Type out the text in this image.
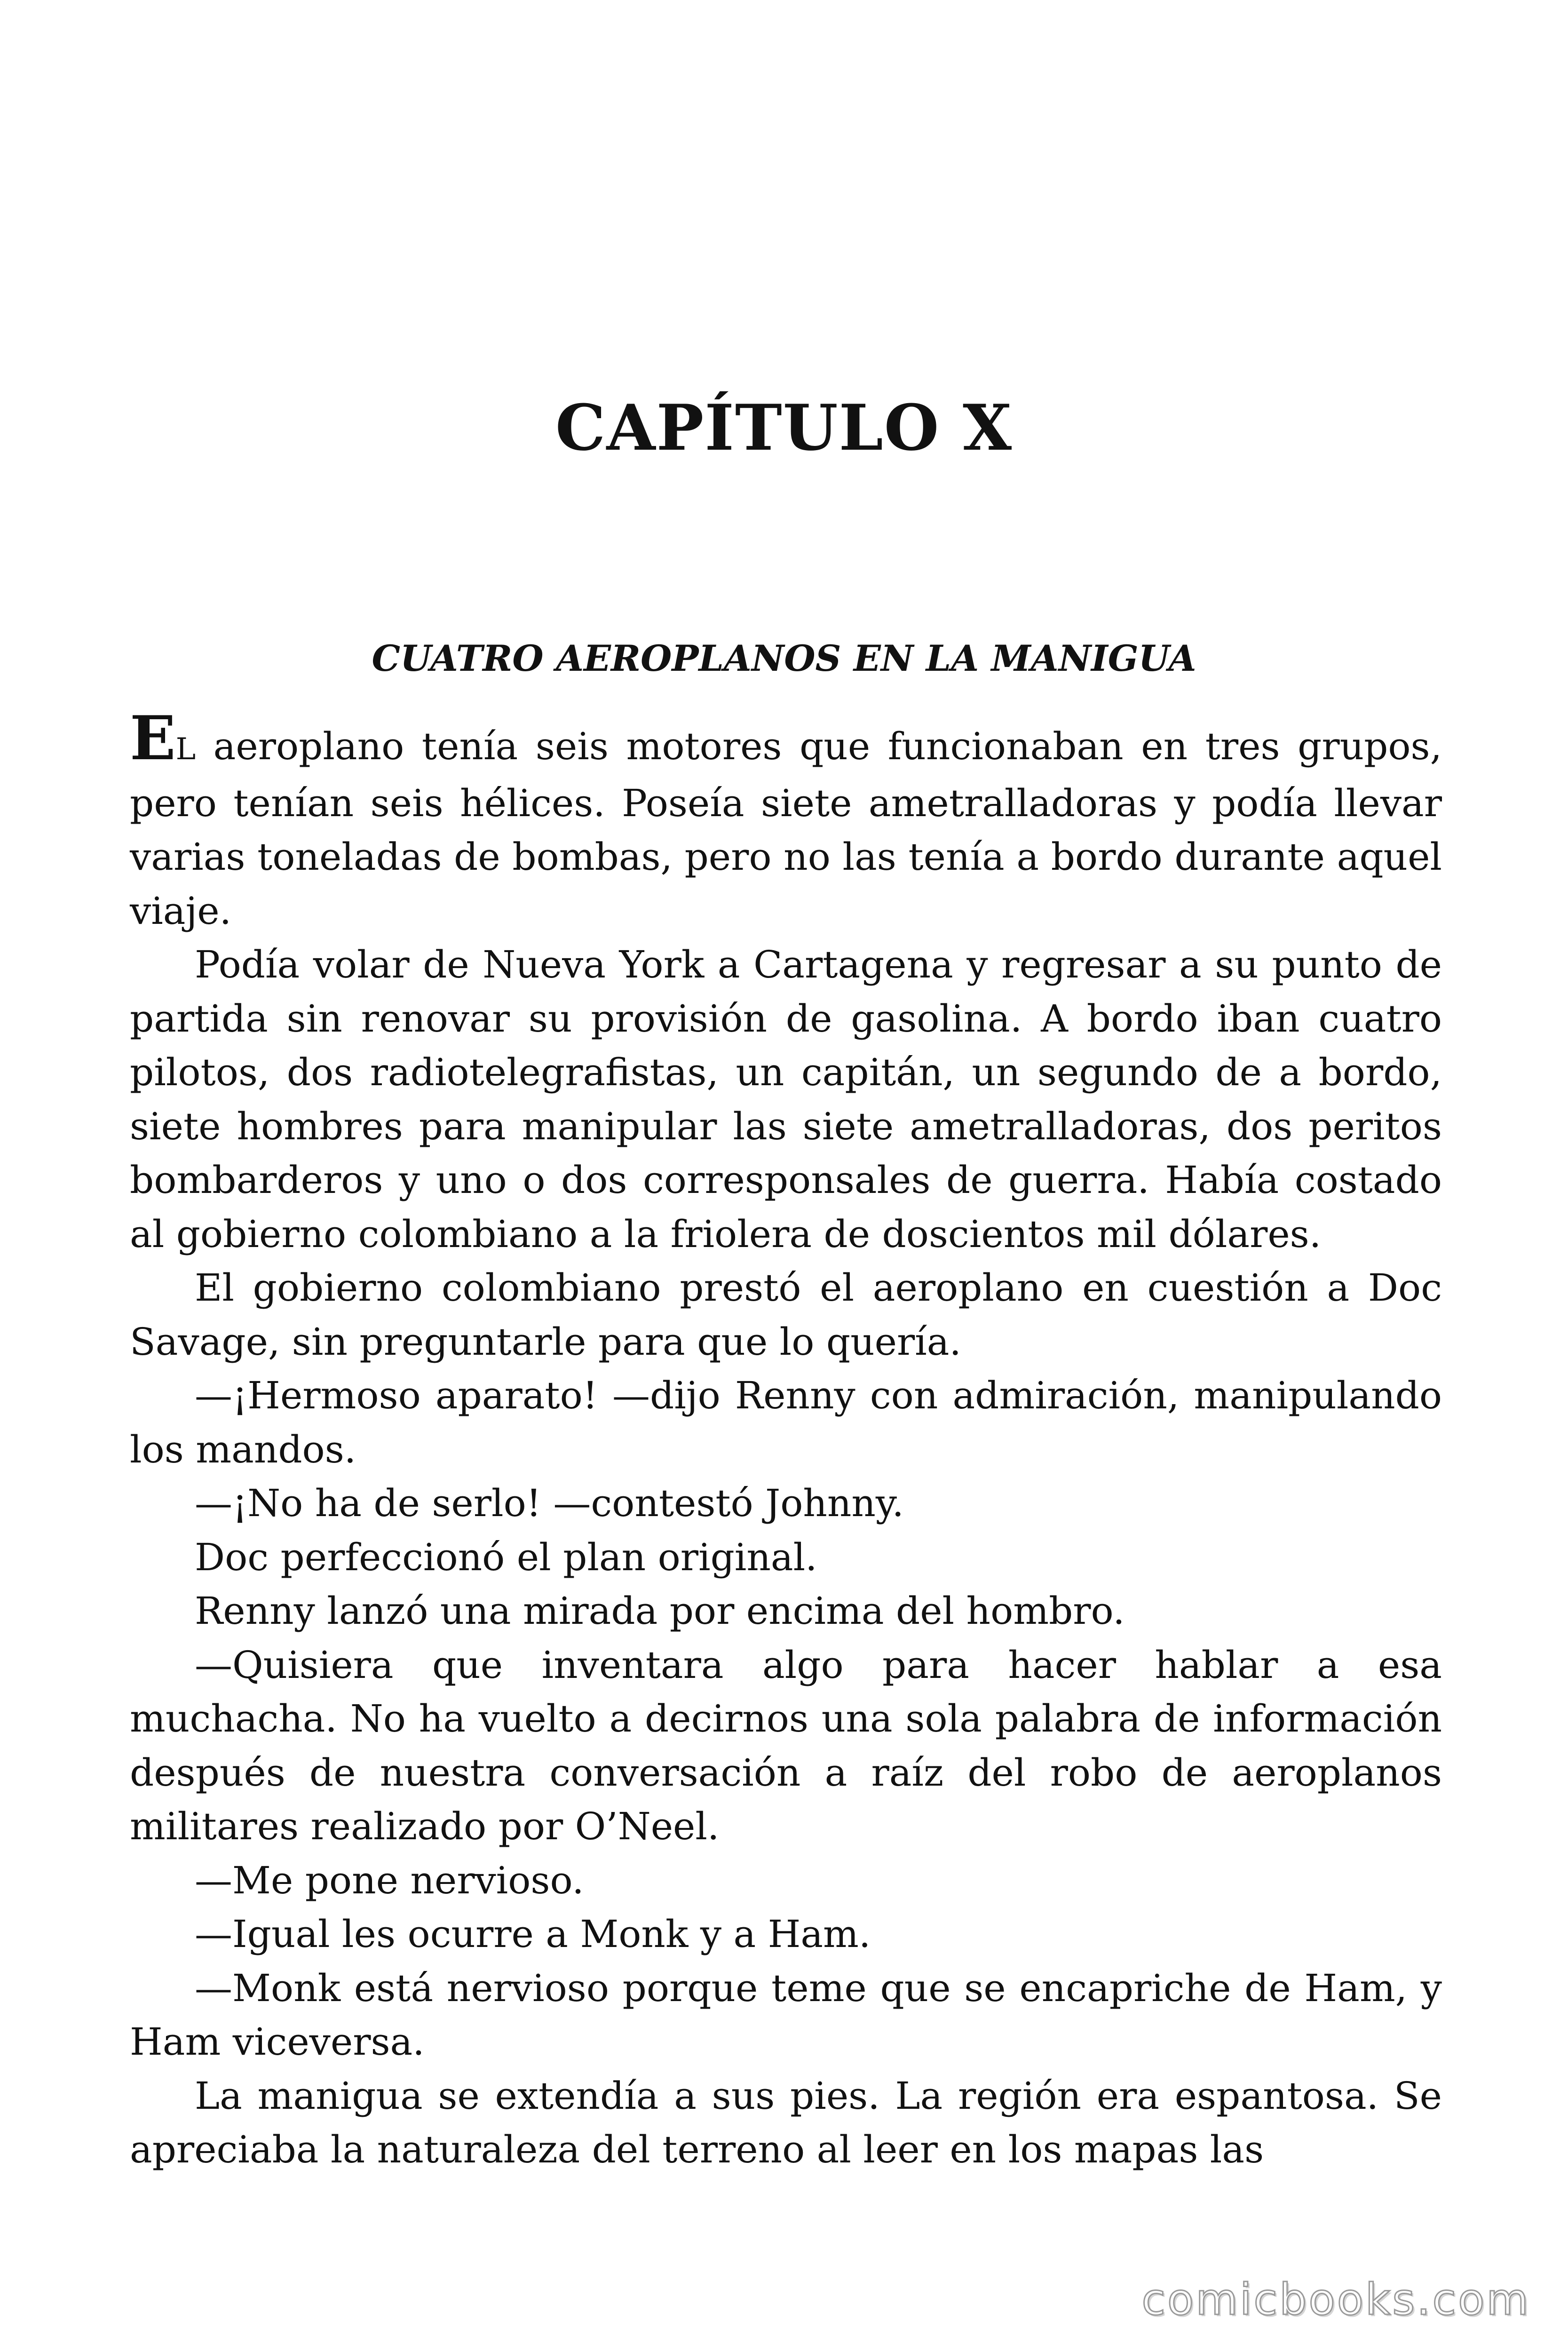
CAPÍTULO X
CUATRO AEROPLANOS EN LA MANIGUA

EL aeroplano tenía seis motores que funcionaban en tres grupos, pero tenían seis hélices. Poseía siete ametralladoras y podía llevar varias toneladas de bombas, pero no las tenía a bordo durante aquel viaje.

Podía volar de Nueva York a Cartagena y regresar a su punto de partida sin renovar su provisión de gasolina. A bordo iban cuatro pilotos, dos radiotelegrafistas, un capitán, un segundo de a bordo, siete hombres para manipular las siete ametralladoras, dos peritos bombarderos y uno o dos corresponsales de guerra. Había costado al gobierno colombiano a la friolera de doscientos mil dólares.

El gobierno colombiano prestó el aeroplano en cuestión a Doc Savage, sin preguntarle para que lo quería.

—¡Hermoso aparato! —dijo Renny con admiración, manipulando los mandos.

—¡No ha de serlo! —contestó Johnny.

Doc perfeccionó el plan original.

Renny lanzó una mirada por encima del hombro.

—Quisiera que inventara algo para hacer hablar a esa muchacha. No ha vuelto a decirnos una sola palabra de información después de nuestra conversación a raíz del robo de aeroplanos militares realizado por O’Neel.

—Me pone nervioso.

—Igual les ocurre a Monk y a Ham.

—Monk está nervioso porque teme que se encapriche de Ham, y Ham viceversa.

La manigua se extendía a sus pies. La región era espantosa. Se apreciaba la naturaleza del terreno al leer en los mapas las

comicbooks.com
